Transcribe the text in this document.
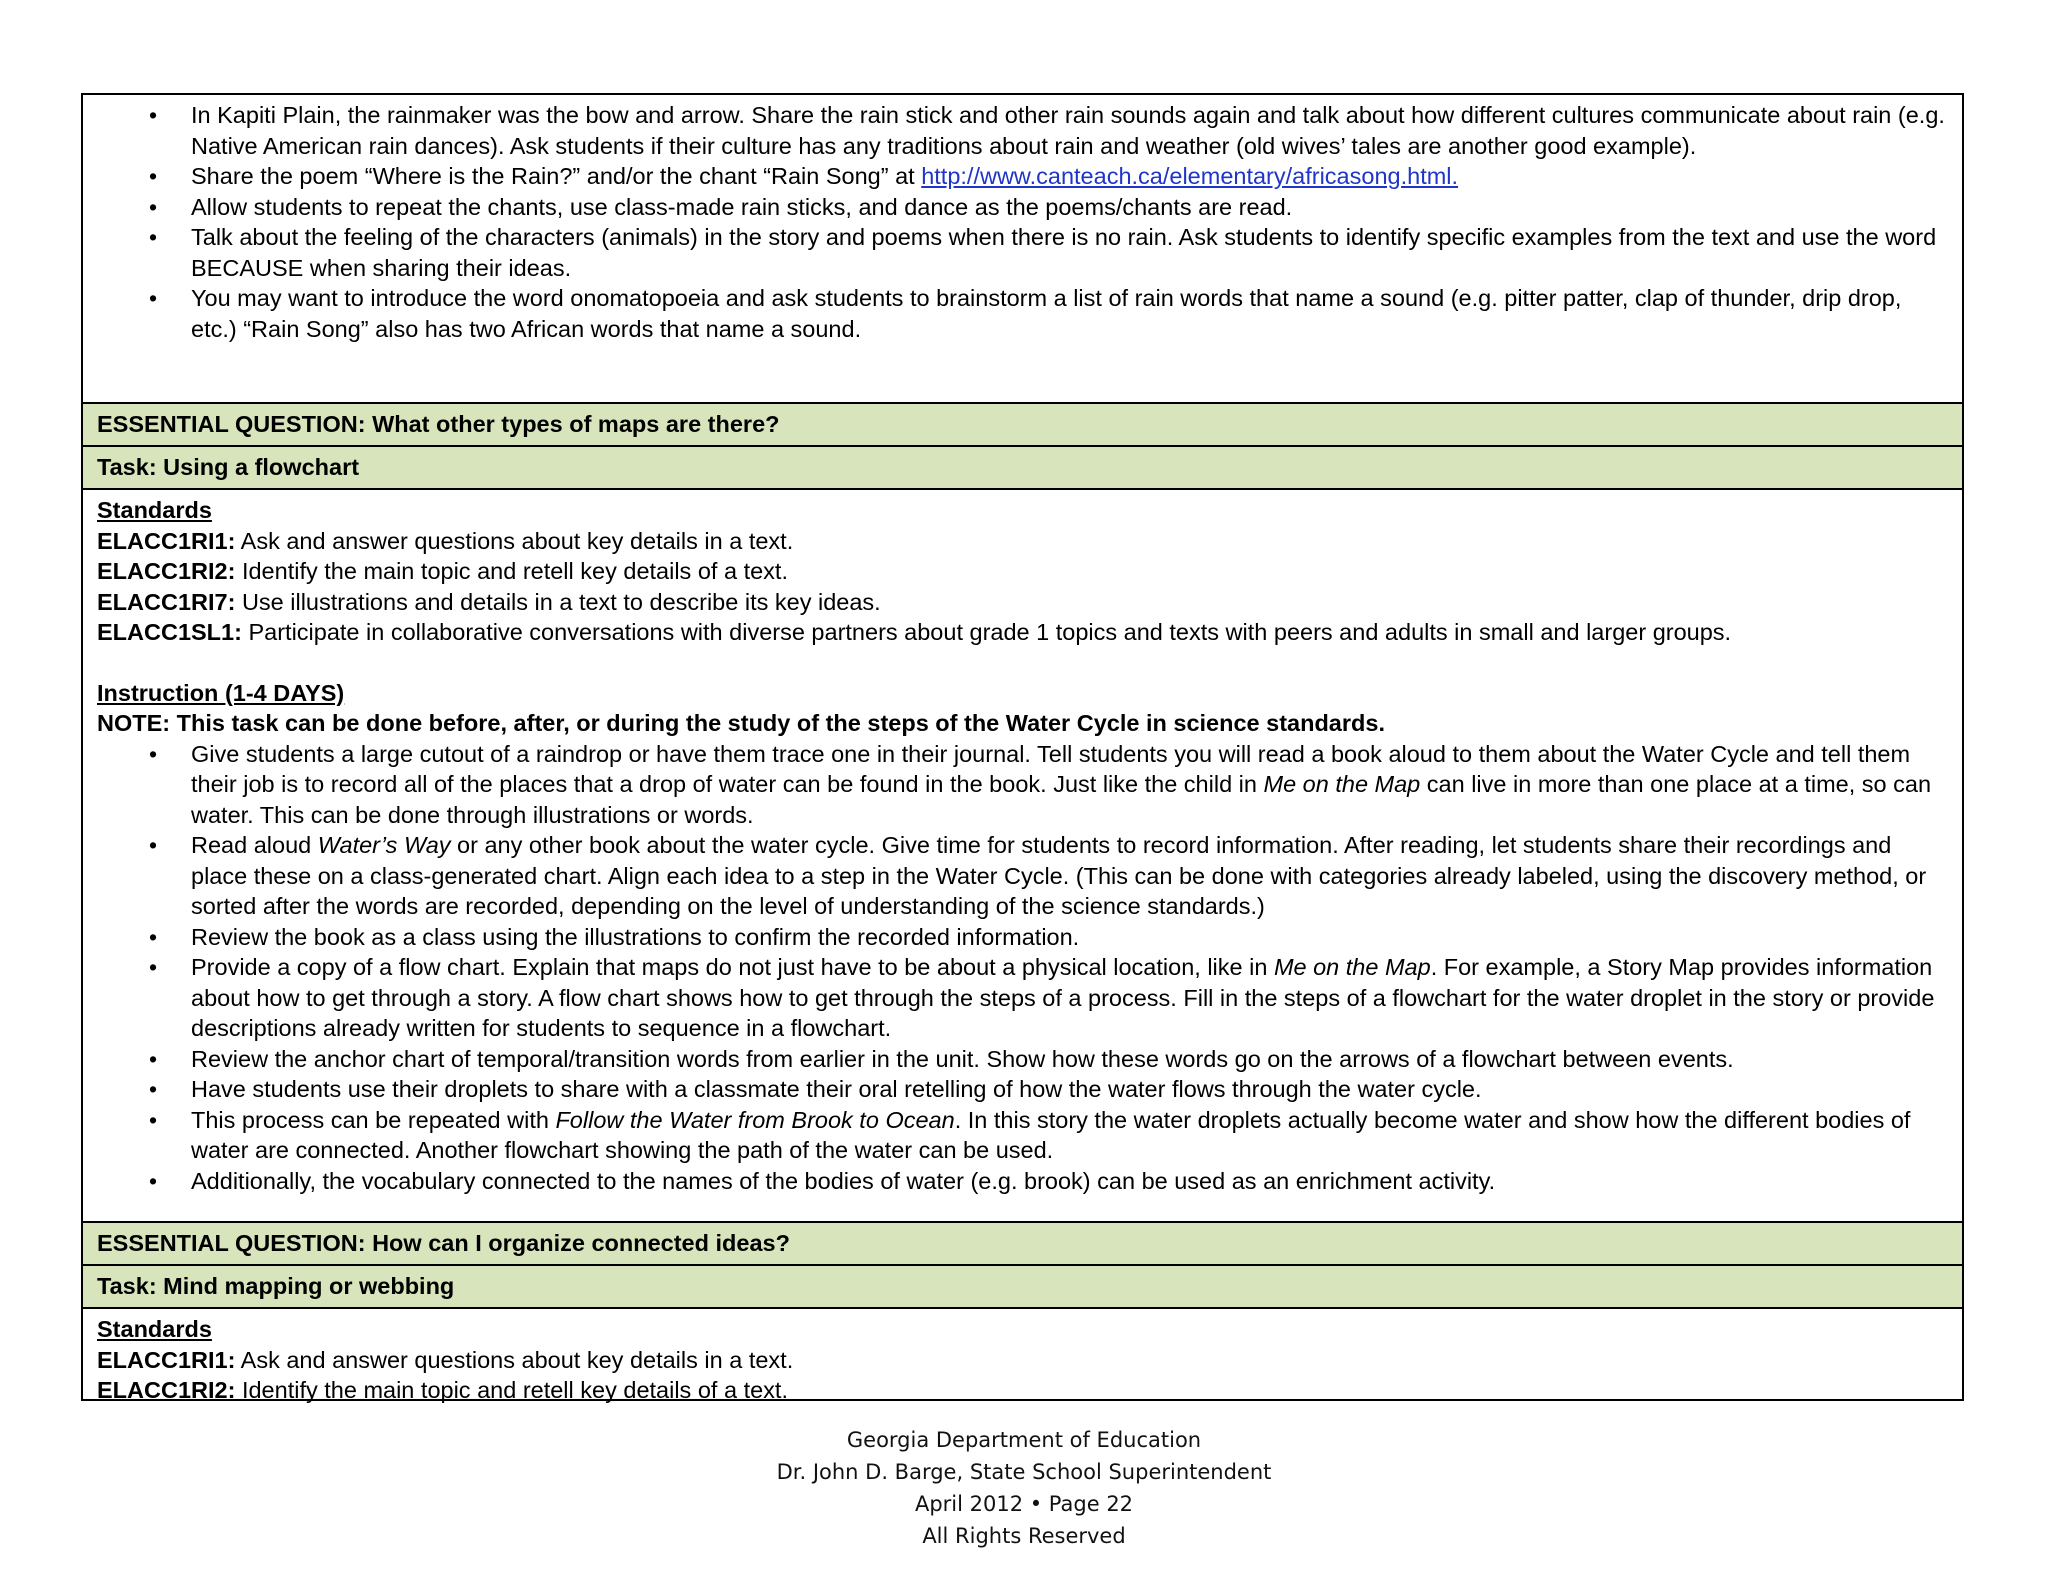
• In Kapiti Plain, the rainmaker was the bow and arrow. Share the rain stick and other rain sounds again and talk about how different cultures communicate about rain (e.g. Native American rain dances). Ask students if their culture has any traditions about rain and weather (old wives’ tales are another good example).
• Share the poem “Where is the Rain?” and/or the chant “Rain Song” at http://www.canteach.ca/elementary/africasong.html.
• Allow students to repeat the chants, use class-made rain sticks, and dance as the poems/chants are read.
• Talk about the feeling of the characters (animals) in the story and poems when there is no rain. Ask students to identify specific examples from the text and use the word BECAUSE when sharing their ideas.
• You may want to introduce the word onomatopoeia and ask students to brainstorm a list of rain words that name a sound (e.g. pitter patter, clap of thunder, drip drop, etc.) “Rain Song” also has two African words that name a sound.
ESSENTIAL QUESTION: What other types of maps are there?
Task: Using a flowchart
Standards
ELACC1RI1: Ask and answer questions about key details in a text.
ELACC1RI2: Identify the main topic and retell key details of a text.
ELACC1RI7: Use illustrations and details in a text to describe its key ideas.
ELACC1SL1: Participate in collaborative conversations with diverse partners about grade 1 topics and texts with peers and adults in small and larger groups.
Instruction (1-4 DAYS)
NOTE: This task can be done before, after, or during the study of the steps of the Water Cycle in science standards.
• Give students a large cutout of a raindrop or have them trace one in their journal. Tell students you will read a book aloud to them about the Water Cycle and tell them their job is to record all of the places that a drop of water can be found in the book. Just like the child in Me on the Map can live in more than one place at a time, so can water. This can be done through illustrations or words.
• Read aloud Water’s Way or any other book about the water cycle. Give time for students to record information. After reading, let students share their recordings and place these on a class-generated chart. Align each idea to a step in the Water Cycle. (This can be done with categories already labeled, using the discovery method, or sorted after the words are recorded, depending on the level of understanding of the science standards.)
• Review the book as a class using the illustrations to confirm the recorded information.
• Provide a copy of a flow chart. Explain that maps do not just have to be about a physical location, like in Me on the Map. For example, a Story Map provides information about how to get through a story. A flow chart shows how to get through the steps of a process. Fill in the steps of a flowchart for the water droplet in the story or provide descriptions already written for students to sequence in a flowchart.
• Review the anchor chart of temporal/transition words from earlier in the unit. Show how these words go on the arrows of a flowchart between events.
• Have students use their droplets to share with a classmate their oral retelling of how the water flows through the water cycle.
• This process can be repeated with Follow the Water from Brook to Ocean. In this story the water droplets actually become water and show how the different bodies of water are connected. Another flowchart showing the path of the water can be used.
• Additionally, the vocabulary connected to the names of the bodies of water (e.g. brook) can be used as an enrichment activity.
ESSENTIAL QUESTION: How can I organize connected ideas?
Task: Mind mapping or webbing
Standards
ELACC1RI1: Ask and answer questions about key details in a text.
ELACC1RI2: Identify the main topic and retell key details of a text.
Georgia Department of Education
Dr. John D. Barge, State School Superintendent
April 2012 • Page 22
All Rights Reserved
